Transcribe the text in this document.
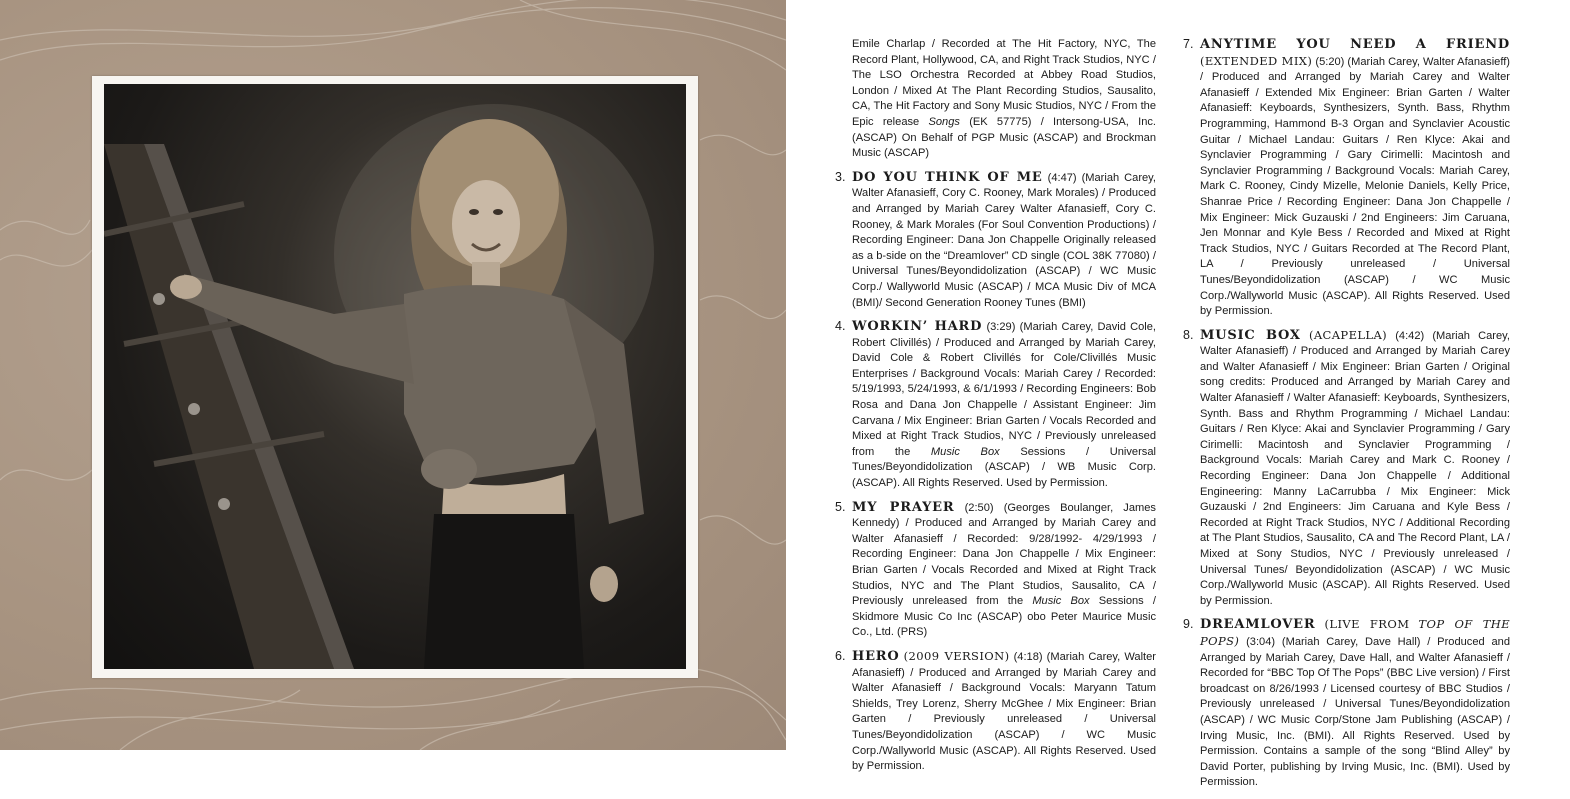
Emile Charlap / Recorded at The Hit Factory, NYC, The Record Plant, Hollywood, CA, and Right Track Studios, NYC / The LSO Orchestra Recorded at Abbey Road Studios, London / Mixed At The Plant Recording Studios, Sausalito, CA, The Hit Factory and Sony Music Studios, NYC / From the Epic release Songs (EK 57775) / Intersong-USA, Inc. (ASCAP) On Behalf of PGP Music (ASCAP) and Brockman Music (ASCAP)
3. DO YOU THINK OF ME (4:47) (Mariah Carey, Walter Afanasieff, Cory C. Rooney, Mark Morales) / Produced and Arranged by Mariah Carey Walter Afanasieff, Cory C. Rooney, & Mark Morales (For Soul Convention Productions) / Recording Engineer: Dana Jon Chappelle Originally released as a b-side on the “Dreamlover” CD single (COL 38K 77080) / Universal Tunes/Beyondidolization (ASCAP) / WC Music Corp./ Wallyworld Music (ASCAP) / MCA Music Div of MCA (BMI)/ Second Generation Rooney Tunes (BMI)
4. WORKIN’ HARD (3:29) (Mariah Carey, David Cole, Robert Clivillés) / Produced and Arranged by Mariah Carey, David Cole & Robert Clivillés for Cole/Clivillés Music Enterprises / Background Vocals: Mariah Carey / Recorded: 5/19/1993, 5/24/1993, & 6/1/1993 / Recording Engineers: Bob Rosa and Dana Jon Chappelle / Assistant Engineer: Jim Carvana / Mix Engineer: Brian Garten / Vocals Recorded and Mixed at Right Track Studios, NYC / Previously unreleased from the Music Box Sessions / Universal Tunes/Beyondidolization (ASCAP) / WB Music Corp. (ASCAP). All Rights Reserved. Used by Permission.
5. MY PRAYER (2:50) (Georges Boulanger, James Kennedy) / Produced and Arranged by Mariah Carey and Walter Afanasieff / Recorded: 9/28/1992- 4/29/1993 / Recording Engineer: Dana Jon Chappelle / Mix Engineer: Brian Garten / Vocals Recorded and Mixed at Right Track Studios, NYC and The Plant Studios, Sausalito, CA / Previously unreleased from the Music Box Sessions / Skidmore Music Co Inc (ASCAP) obo Peter Maurice Music Co., Ltd. (PRS)
6. HERO (2009 VERSION) (4:18) (Mariah Carey, Walter Afanasieff) / Produced and Arranged by Mariah Carey and Walter Afanasieff / Background Vocals: Maryann Tatum Shields, Trey Lorenz, Sherry McGhee / Mix Engineer: Brian Garten / Previously unreleased / Universal Tunes/Beyondidolization (ASCAP) / WC Music Corp./Wallyworld Music (ASCAP). All Rights Reserved. Used by Permission.
7. ANYTIME YOU NEED A FRIEND (EXTENDED MIX) (5:20) (Mariah Carey, Walter Afanasieff) / Produced and Arranged by Mariah Carey and Walter Afanasieff / Extended Mix Engineer: Brian Garten / Walter Afanasieff: Keyboards, Synthesizers, Synth. Bass, Rhythm Programming, Hammond B-3 Organ and Synclavier Acoustic Guitar / Michael Landau: Guitars / Ren Klyce: Akai and Synclavier Programming / Gary Cirimelli: Macintosh and Synclavier Programming / Background Vocals: Mariah Carey, Mark C. Rooney, Cindy Mizelle, Melonie Daniels, Kelly Price, Shanrae Price / Recording Engineer: Dana Jon Chappelle / Mix Engineer: Mick Guzauski / 2nd Engineers: Jim Caruana, Jen Monnar and Kyle Bess / Recorded and Mixed at Right Track Studios, NYC / Guitars Recorded at The Record Plant, LA / Previously unreleased / Universal Tunes/Beyondidolization (ASCAP) / WC Music Corp./Wallyworld Music (ASCAP). All Rights Reserved. Used by Permission.
8. MUSIC BOX (ACAPELLA) (4:42) (Mariah Carey, Walter Afanasieff) / Produced and Arranged by Mariah Carey and Walter Afanasieff / Mix Engineer: Brian Garten / Original song credits: Produced and Arranged by Mariah Carey and Walter Afanasieff / Walter Afanasieff: Keyboards, Synthesizers, Synth. Bass and Rhythm Programming / Michael Landau: Guitars / Ren Klyce: Akai and Synclavier Programming / Gary Cirimelli: Macintosh and Synclavier Programming / Background Vocals: Mariah Carey and Mark C. Rooney / Recording Engineer: Dana Jon Chappelle / Additional Engineering: Manny LaCarrubba / Mix Engineer: Mick Guzauski / 2nd Engineers: Jim Caruana and Kyle Bess / Recorded at Right Track Studios, NYC / Additional Recording at The Plant Studios, Sausalito, CA and The Record Plant, LA / Mixed at Sony Studios, NYC / Previously unreleased / Universal Tunes/ Beyondidolization (ASCAP) / WC Music Corp./Wallyworld Music (ASCAP). All Rights Reserved. Used by Permission.
9. DREAMLOVER (LIVE FROM TOP OF THE POPS) (3:04) (Mariah Carey, Dave Hall) / Produced and Arranged by Mariah Carey, Dave Hall, and Walter Afanasieff / Recorded for “BBC Top Of The Pops” (BBC Live version) / First broadcast on 8/26/1993 / Licensed courtesy of BBC Studios / Previously unreleased / Universal Tunes/Beyondidolization (ASCAP) / WC Music Corp/Stone Jam Publishing (ASCAP) / Irving Music, Inc. (BMI). All Rights Reserved. Used by Permission. Contains a sample of the song “Blind Alley” by David Porter, publishing by Irving Music, Inc. (BMI). Used by Permission.
